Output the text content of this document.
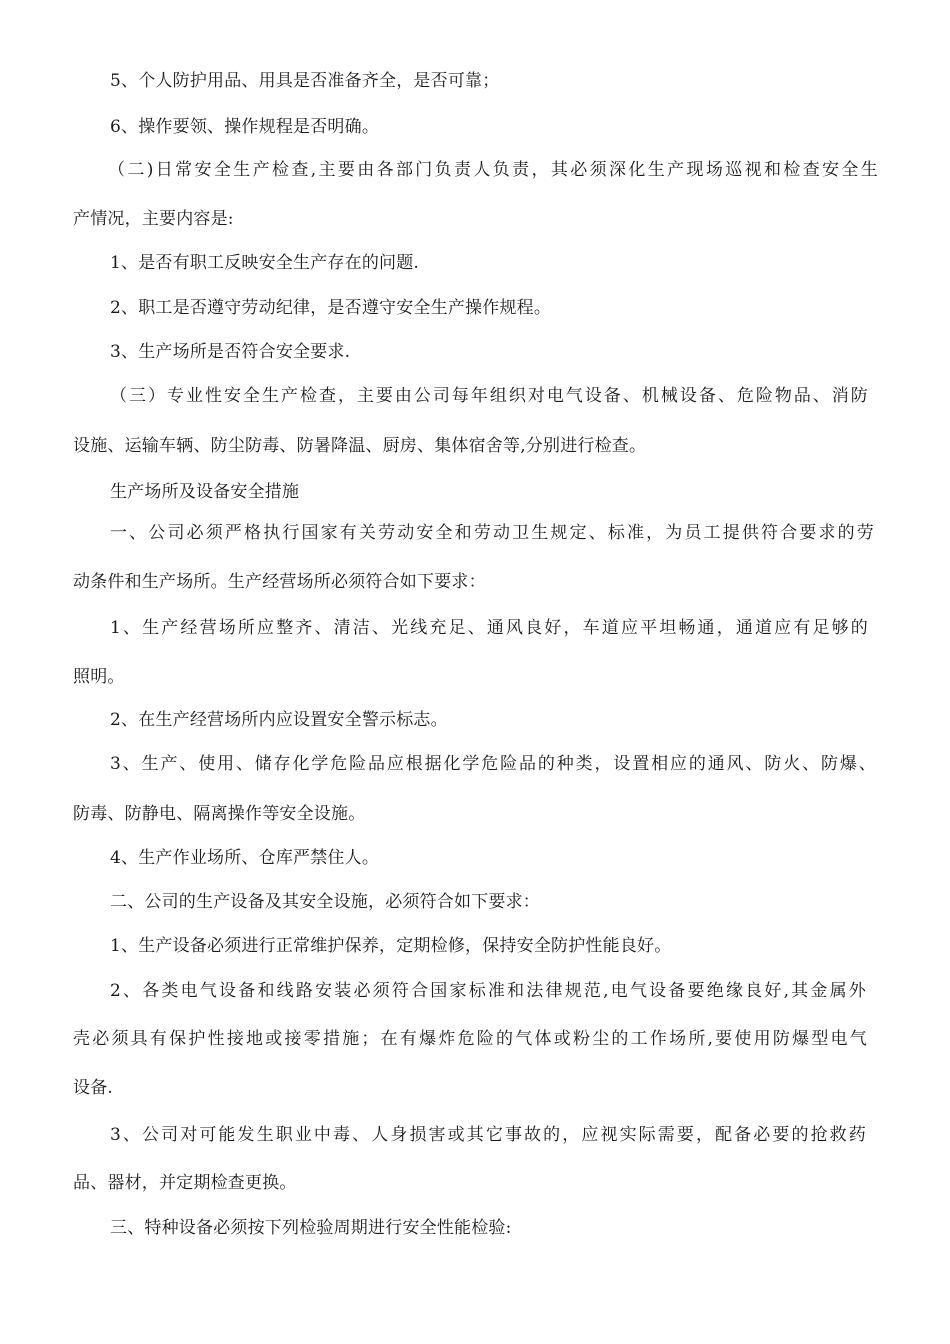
5、个人防护用品、用具是否准备齐全，是否可靠；
6、操作要领、操作规程是否明确。
（二)日常安全生产检查,主要由各部门负责人负责，其必须深化生产现场巡视和检查安全生
产情况，主要内容是:
1、是否有职工反映安全生产存在的问题.
2、职工是否遵守劳动纪律，是否遵守安全生产操作规程。
3、生产场所是否符合安全要求.
（三）专业性安全生产检查，主要由公司每年组织对电气设备、机械设备、危险物品、消防
设施、运输车辆、防尘防毒、防暑降温、厨房、集体宿舍等,分别进行检查。
生产场所及设备安全措施
一、公司必须严格执行国家有关劳动安全和劳动卫生规定、标准，为员工提供符合要求的劳
动条件和生产场所。生产经营场所必须符合如下要求：
1、生产经营场所应整齐、清洁、光线充足、通风良好，车道应平坦畅通，通道应有足够的
照明。
2、在生产经营场所内应设置安全警示标志。
3、生产、使用、储存化学危险品应根据化学危险品的种类，设置相应的通风、防火、防爆、
防毒、防静电、隔离操作等安全设施。
4、生产作业场所、仓库严禁住人。
二、公司的生产设备及其安全设施，必须符合如下要求：
1、生产设备必须进行正常维护保养，定期检修，保持安全防护性能良好。
2、各类电气设备和线路安装必须符合国家标准和法律规范,电气设备要绝缘良好,其金属外
壳必须具有保护性接地或接零措施；在有爆炸危险的气体或粉尘的工作场所,要使用防爆型电气
设备.
3、公司对可能发生职业中毒、人身损害或其它事故的，应视实际需要，配备必要的抢救药
品、器材，并定期检查更换。
三、特种设备必须按下列检验周期进行安全性能检验:
